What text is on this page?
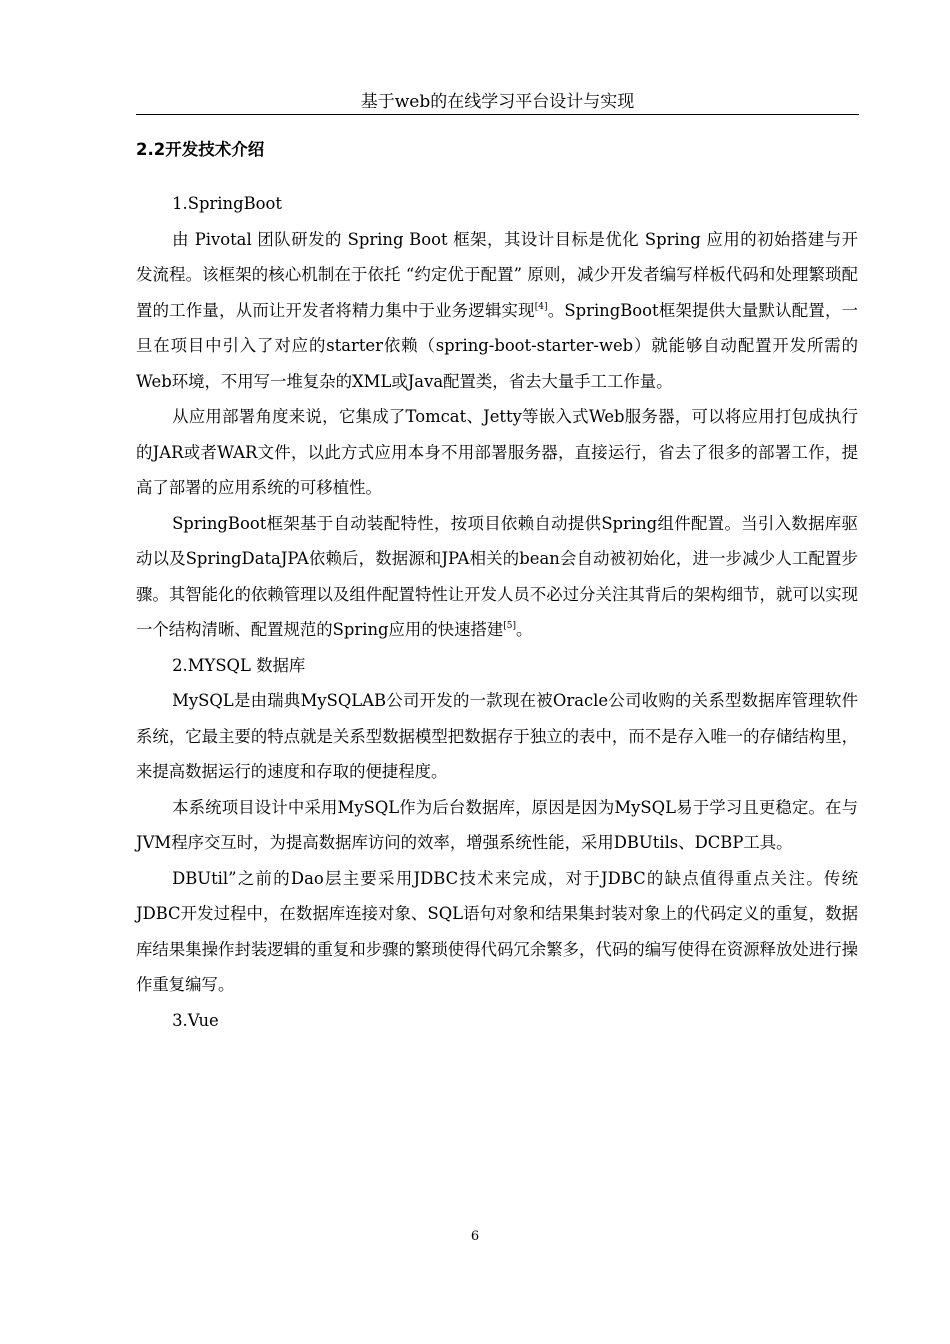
基于web的在线学习平台设计与实现
2.2开发技术介绍

1.SpringBoot

由 Pivotal 团队研发的 Spring Boot 框架，其设计目标是优化 Spring 应用的初始搭建与开发流程。该框架的核心机制在于依托 “约定优于配置” 原则，减少开发者编写样板代码和处理繁琐配置的工作量，从而让开发者将精力集中于业务逻辑实现[4]。SpringBoot框架提供大量默认配置，一旦在项目中引入了对应的starter依赖（spring-boot-starter-web）就能够自动配置开发所需的Web环境，不用写一堆复杂的XML或Java配置类，省去大量手工工作量。

从应用部署角度来说，它集成了Tomcat、Jetty等嵌入式Web服务器，可以将应用打包成执行的JAR或者WAR文件，以此方式应用本身不用部署服务器，直接运行，省去了很多的部署工作，提高了部署的应用系统的可移植性。

SpringBoot框架基于自动装配特性，按项目依赖自动提供Spring组件配置。当引入数据库驱动以及SpringDataJPA依赖后，数据源和JPA相关的bean会自动被初始化，进一步减少人工配置步骤。其智能化的依赖管理以及组件配置特性让开发人员不必过分关注其背后的架构细节，就可以实现一个结构清晰、配置规范的Spring应用的快速搭建[5]。

2.MYSQL 数据库

MySQL是由瑞典MySQLAB公司开发的一款现在被Oracle公司收购的关系型数据库管理软件系统，它最主要的特点就是关系型数据模型把数据存于独立的表中，而不是存入唯一的存储结构里，来提高数据运行的速度和存取的便捷程度。

本系统项目设计中采用MySQL作为后台数据库，原因是因为MySQL易于学习且更稳定。在与JVM程序交互时，为提高数据库访问的效率，增强系统性能，采用DBUtils、DCBP工具。

DBUtil”之前的Dao层主要采用JDBC技术来完成，对于JDBC的缺点值得重点关注。传统JDBC开发过程中，在数据库连接对象、SQL语句对象和结果集封装对象上的代码定义的重复，数据库结果集操作封装逻辑的重复和步骤的繁琐使得代码冗余繁多，代码的编写使得在资源释放处进行操作重复编写。

3.Vue

6
